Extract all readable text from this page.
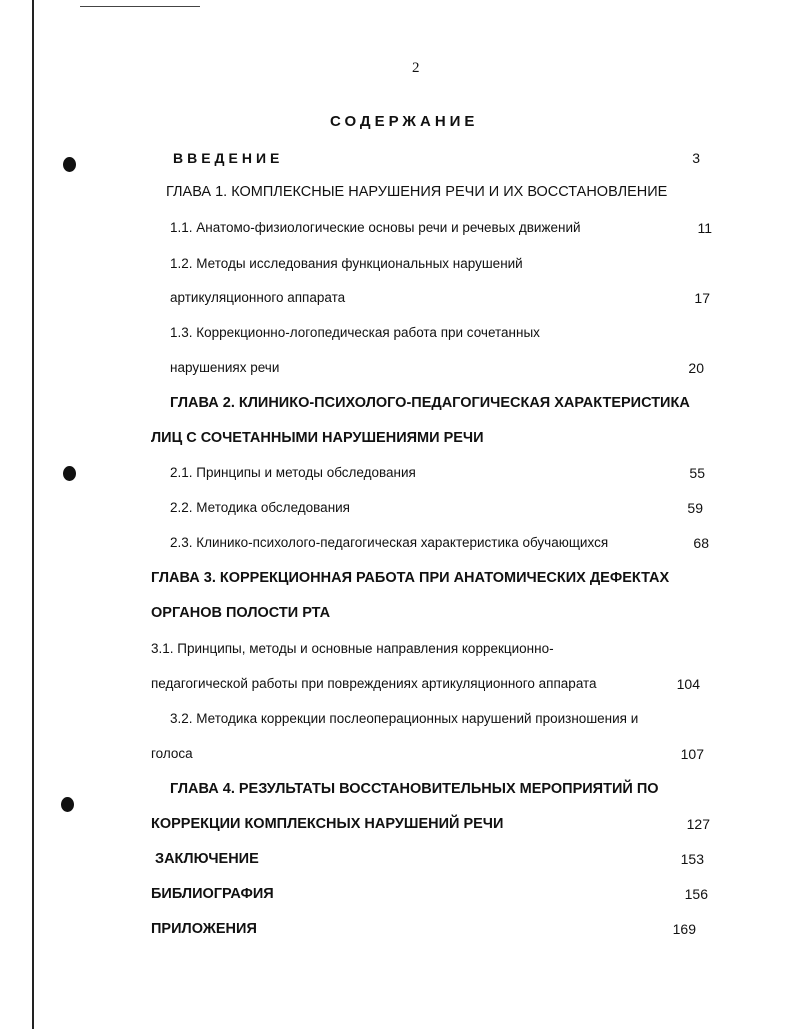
2
СОДЕРЖАНИЕ
ВВЕДЕНИЕ	3
ГЛАВА 1. КОМПЛЕКСНЫЕ НАРУШЕНИЯ РЕЧИ И ИХ ВОССТАНОВЛЕНИЕ
1.1. Анатомо-физиологические основы речи и речевых движений	11
1.2. Методы исследования функциональных нарушений
артикуляционного аппарата	17
1.3. Коррекционно-логопедическая работа при сочетанных
нарушениях речи	20
ГЛАВА 2. КЛИНИКО-ПСИХОЛОГО-ПЕДАГОГИЧЕСКАЯ ХАРАКТЕРИСТИКА
ЛИЦ С СОЧЕТАННЫМИ НАРУШЕНИЯМИ РЕЧИ
2.1. Принципы и методы обследования	55
2.2. Методика обследования	59
2.3. Клинико-психолого-педагогическая характеристика обучающихся	68
ГЛАВА 3. КОРРЕКЦИОННАЯ РАБОТА ПРИ АНАТОМИЧЕСКИХ ДЕФЕКТАХ
ОРГАНОВ ПОЛОСТИ РТА
3.1. Принципы, методы и основные направления коррекционно-
педагогической работы при повреждениях артикуляционного аппарата	104
3.2. Методика коррекции послеоперационных нарушений произношения и
голоса	107
ГЛАВА 4. РЕЗУЛЬТАТЫ ВОССТАНОВИТЕЛЬНЫХ МЕРОПРИЯТИЙ ПО
КОРРЕКЦИИ КОМПЛЕКСНЫХ НАРУШЕНИЙ РЕЧИ	127
ЗАКЛЮЧЕНИЕ	153
БИБЛИОГРАФИЯ	156
ПРИЛОЖЕНИЯ	169
